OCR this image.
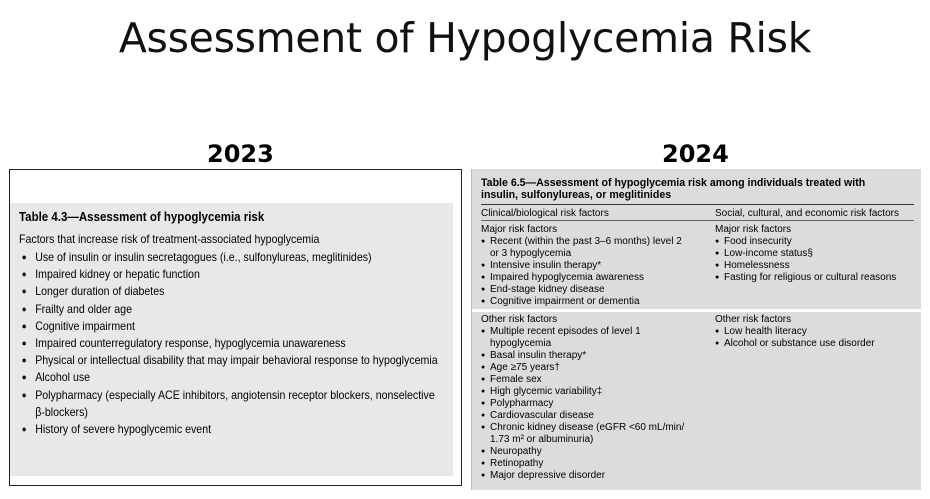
Assessment of Hypoglycemia Risk
2023	2024
Table 4.3—Assessment of hypoglycemia risk
Factors that increase risk of treatment-associated hypoglycemia
● Use of insulin or insulin secretagogues (i.e., sulfonylureas, meglitinides)
● Impaired kidney or hepatic function
● Longer duration of diabetes
● Frailty and older age
● Cognitive impairment
● Impaired counterregulatory response, hypoglycemia unawareness
● Physical or intellectual disability that may impair behavioral response to hypoglycemia
● Alcohol use
● Polypharmacy (especially ACE inhibitors, angiotensin receptor blockers, nonselective
β-blockers)
● History of severe hypoglycemic event
Table 6.5—Assessment of hypoglycemia risk among individuals treated with
insulin, sulfonylureas, or meglitinides
Clinical/biological risk factors	Social, cultural, and economic risk factors
Major risk factors
● Recent (within the past 3–6 months) level 2
or 3 hypoglycemia
● Intensive insulin therapy*
● Impaired hypoglycemia awareness
● End-stage kidney disease
● Cognitive impairment or dementia
Major risk factors
● Food insecurity
● Low-income status§
● Homelessness
● Fasting for religious or cultural reasons
Other risk factors
● Multiple recent episodes of level 1
hypoglycemia
● Basal insulin therapy*
● Age ≥75 years†
● Female sex
● High glycemic variability‡
● Polypharmacy
● Cardiovascular disease
● Chronic kidney disease (eGFR <60 mL/min/
1.73 m² or albuminuria)
● Neuropathy
● Retinopathy
● Major depressive disorder
Other risk factors
● Low health literacy
● Alcohol or substance use disorder
